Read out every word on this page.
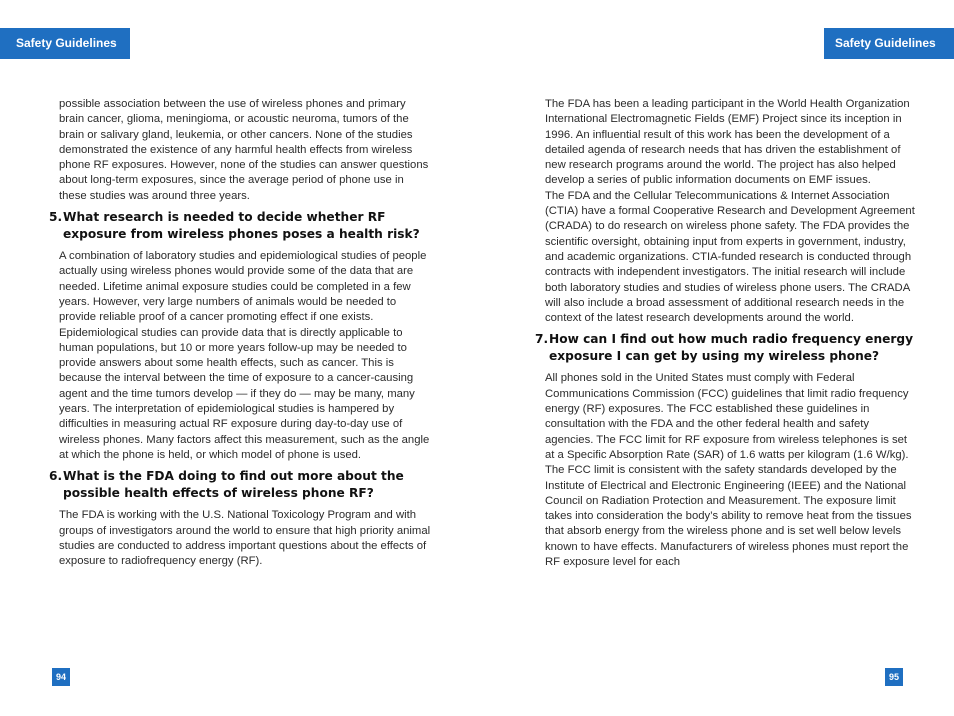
Safety Guidelines	Safety Guidelines

possible association between the use of wireless phones and primary brain cancer, glioma, meningioma, or acoustic neuroma, tumors of the brain or salivary gland, leukemia, or other cancers. None of the studies demonstrated the existence of any harmful health effects from wireless phone RF exposures. However, none of the studies can answer questions about long-term exposures, since the average period of phone use in these studies was around three years.

5. What research is needed to decide whether RF exposure from wireless phones poses a health risk?

A combination of laboratory studies and epidemiological studies of people actually using wireless phones would provide some of the data that are needed. Lifetime animal exposure studies could be completed in a few years. However, very large numbers of animals would be needed to provide reliable proof of a cancer promoting effect if one exists. Epidemiological studies can provide data that is directly applicable to human populations, but 10 or more years follow-up may be needed to provide answers about some health effects, such as cancer. This is because the interval between the time of exposure to a cancer-causing agent and the time tumors develop — if they do — may be many, many years. The interpretation of epidemiological studies is hampered by difficulties in measuring actual RF exposure during day-to-day use of wireless phones. Many factors affect this measurement, such as the angle at which the phone is held, or which model of phone is used.

6. What is the FDA doing to find out more about the possible health effects of wireless phone RF?

The FDA is working with the U.S. National Toxicology Program and with groups of investigators around the world to ensure that high priority animal studies are conducted to address important questions about the effects of exposure to radiofrequency energy (RF).

The FDA has been a leading participant in the World Health Organization International Electromagnetic Fields (EMF) Project since its inception in 1996. An influential result of this work has been the development of a detailed agenda of research needs that has driven the establishment of new research programs around the world. The project has also helped develop a series of public information documents on EMF issues.

The FDA and the Cellular Telecommunications & Internet Association (CTIA) have a formal Cooperative Research and Development Agreement (CRADA) to do research on wireless phone safety. The FDA provides the scientific oversight, obtaining input from experts in government, industry, and academic organizations. CTIA-funded research is conducted through contracts with independent investigators. The initial research will include both laboratory studies and studies of wireless phone users. The CRADA will also include a broad assessment of additional research needs in the context of the latest research developments around the world.

7. How can I find out how much radio frequency energy exposure I can get by using my wireless phone?

All phones sold in the United States must comply with Federal Communications Commission (FCC) guidelines that limit radio frequency energy (RF) exposures. The FCC established these guidelines in consultation with the FDA and the other federal health and safety agencies. The FCC limit for RF exposure from wireless telephones is set at a Specific Absorption Rate (SAR) of 1.6 watts per kilogram (1.6 W/kg). The FCC limit is consistent with the safety standards developed by the Institute of Electrical and Electronic Engineering (IEEE) and the National Council on Radiation Protection and Measurement. The exposure limit takes into consideration the body’s ability to remove heat from the tissues that absorb energy from the wireless phone and is set well below levels known to have effects. Manufacturers of wireless phones must report the RF exposure level for each

94	95
